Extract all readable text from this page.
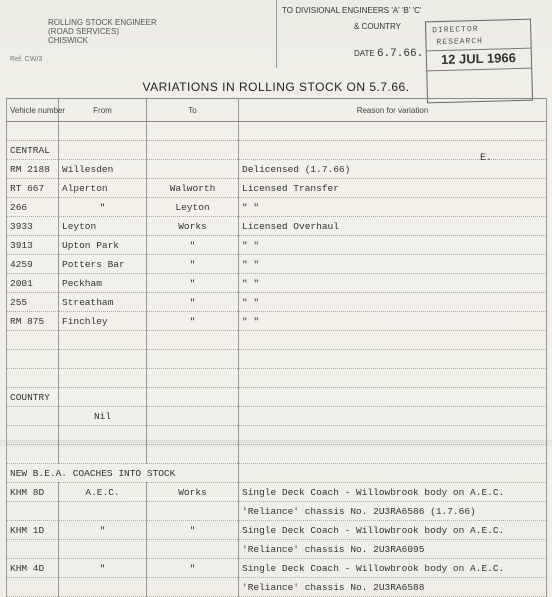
ROLLING STOCK ENGINEER
(ROAD SERVICES)
CHISWICK
Ref. CW/3
TO DIVISIONAL ENGINEERS 'A' 'B' 'C'
& COUNTRY
DATE 6.7.66.
DIRECTOR
RESEARCH
12 JUL 1966
VARIATIONS IN ROLLING STOCK ON 5.7.66.
Vehicle number	From	To	Reason for variation

CENTRAL			
RM 2188	Willesden		Delicensed (1.7.66)
RT 667	Alperton	Walworth	Licensed Transfer
266	"	Leyton	" "
3933	Leyton	Works	Licensed Overhaul
3913	Upton Park	"	" "
4259	Potters Bar	"	" "
2001	Peckham	"	" "
255	Streatham	"	" "
RM 875	Finchley	"	" "

COUNTRY			
	Nil		

NEW B.E.A. COACHES INTO STOCK			
KHM 8D	A.E.C.	Works	Single Deck Coach - Willowbrook body on A.E.C.
			'Reliance' chassis No. 2U3RA6586 (1.7.66)
KHM 1D	"	"	Single Deck Coach - Willowbrook body on A.E.C.
			'Reliance' chassis No. 2U3RA6095
KHM 4D	"	"	Single Deck Coach - Willowbrook body on A.E.C.
			'Reliance' chassis No. 2U3RA6588
E.
